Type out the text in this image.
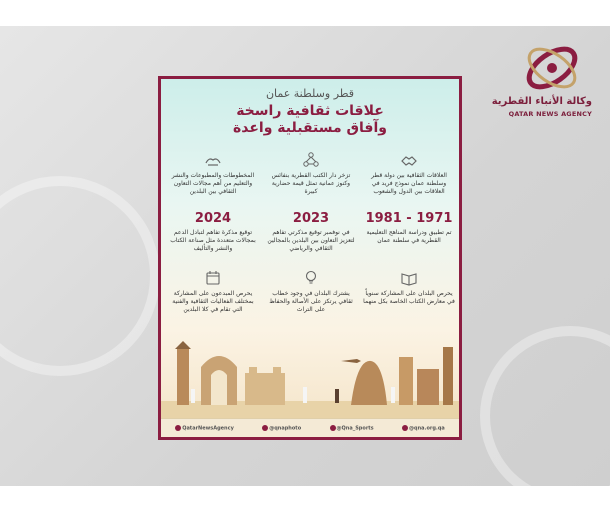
وكالة الأنباء القطرية
QATAR NEWS AGENCY
قطر وسلطنة عمان
علاقات ثقافية راسخة
وآفاق مستقبلية واعدة
العلاقات الثقافية بين دولة قطر وسلطنة عمان نموذج فريد في العلاقات بين الدول والشعوب
تزخر دار الكتب القطرية بنفائس وكنوز عمانية تمثل قيمة حضارية كبيرة
المخطوطات والمطبوعات والنشر والتعليم من أهم مجالات التعاون الثقافي بين البلدين
1981 - 1971
تم تطبيق ودراسة المناهج التعليمية القطرية في سلطنة عمان
2023
في نوفمبر توقيع مذكرتي تفاهم لتعزيز التعاون بين البلدين بالمجالين الثقافي والرياضي
2024
توقيع مذكرة تفاهم لتبادل الدعم بمجالات متعددة مثل صناعة الكتاب والنشر والتأليف
يحرص البلدان على المشاركة سنوياً في معارض الكتاب الخاصة بكل منهما
يشترك البلدان في وجود خطاب ثقافي يرتكز على الأصالة والحفاظ على التراث
يحرص المبدعون على المشاركة بمختلف الفعاليات الثقافية والفنية التي تقام في كلا البلدين
QatarNewsAgency	@qnaphoto	@Qna_Sports	@qna.org.qa
